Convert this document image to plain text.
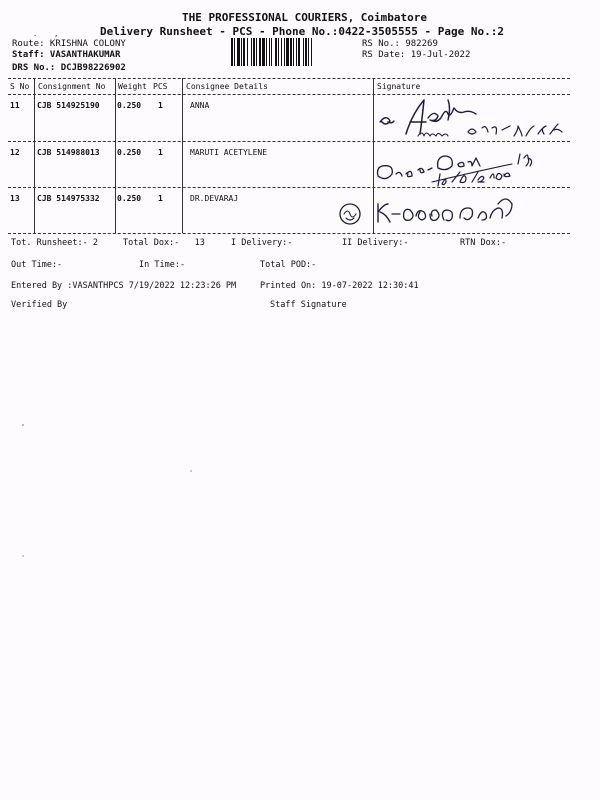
THE PROFESSIONAL COURIERS, Coimbatore
Delivery Runsheet - PCS - Phone No.:0422-3505555 - Page No.:2
.    ,
Route: KRISHNA COLONY
Staff: VASANTHAKUMAR
DRS No.: DCJB98226902
RS No.: 982269
RS Date: 19-Jul-2022
S No Consignment No Weight PCS Consignee Details	Signature
11 CJB 514925190 0.250 1	ANNA
12 CJB 514988013 0.250 1	MARUTI ACETYLENE
13 CJB 514975332 0.250 1	DR.DEVARAJ
Tot. Runsheet:- 2	Total Dox:-   13	I Delivery:-	II Delivery:-	RTN Dox:-
Out Time:-	In Time:-	Total POD:-
Entered By :VASANTHPCS 7/19/2022 12:23:26 PM	Printed On: 19-07-2022 12:30:41
Verified By	Staff Signature
